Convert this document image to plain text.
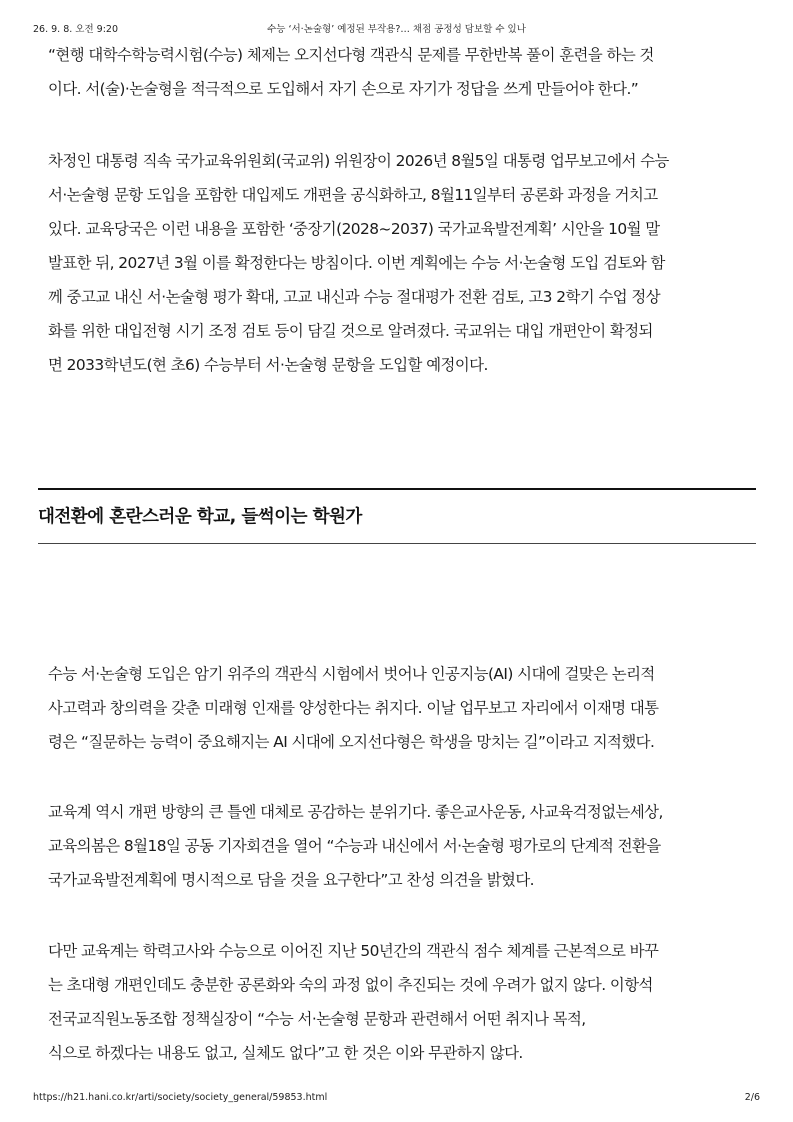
26. 9. 8. 오전 9:20	수능 ‘서·논술형’ 예정된 부작용?… 채점 공정성 담보할 수 있나
“현행 대학수학능력시험(수능) 체제는 오지선다형 객관식 문제를 무한반복 풀이 훈련을 하는 것
이다. 서(술)·논술형을 적극적으로 도입해서 자기 손으로 자기가 정답을 쓰게 만들어야 한다.”
차정인 대통령 직속 국가교육위원회(국교위) 위원장이 2026년 8월5일 대통령 업무보고에서 수능
서·논술형 문항 도입을 포함한 대입제도 개편을 공식화하고, 8월11일부터 공론화 과정을 거치고
있다. 교육당국은 이런 내용을 포함한 ‘중장기(2028~2037) 국가교육발전계획’ 시안을 10월 말
발표한 뒤, 2027년 3월 이를 확정한다는 방침이다. 이번 계획에는 수능 서·논술형 도입 검토와 함
께 중고교 내신 서·논술형 평가 확대, 고교 내신과 수능 절대평가 전환 검토, 고3 2학기 수업 정상
화를 위한 대입전형 시기 조정 검토 등이 담길 것으로 알려졌다. 국교위는 대입 개편안이 확정되
면 2033학년도(현 초6) 수능부터 서·논술형 문항을 도입할 예정이다.
대전환에 혼란스러운 학교, 들썩이는 학원가
수능 서·논술형 도입은 암기 위주의 객관식 시험에서 벗어나 인공지능(AI) 시대에 걸맞은 논리적
사고력과 창의력을 갖춘 미래형 인재를 양성한다는 취지다. 이날 업무보고 자리에서 이재명 대통
령은 “질문하는 능력이 중요해지는 AI 시대에 오지선다형은 학생을 망치는 길”이라고 지적했다.
교육계 역시 개편 방향의 큰 틀엔 대체로 공감하는 분위기다. 좋은교사운동, 사교육걱정없는세상,
교육의봄은 8월18일 공동 기자회견을 열어 “수능과 내신에서 서·논술형 평가로의 단계적 전환을
국가교육발전계획에 명시적으로 담을 것을 요구한다”고 찬성 의견을 밝혔다.
다만 교육계는 학력고사와 수능으로 이어진 지난 50년간의 객관식 점수 체계를 근본적으로 바꾸
는 초대형 개편인데도 충분한 공론화와 숙의 과정 없이 추진되는 것에 우려가 없지 않다. 이항석
전국교직원노동조합 정책실장이 “수능 서·논술형 문항과 관련해서 어떤 취지나 목적,
식으로 하겠다는 내용도 없고, 실체도 없다”고 한 것은 이와 무관하지 않다.
https://h21.hani.co.kr/arti/society/society_general/59853.html	2/6
